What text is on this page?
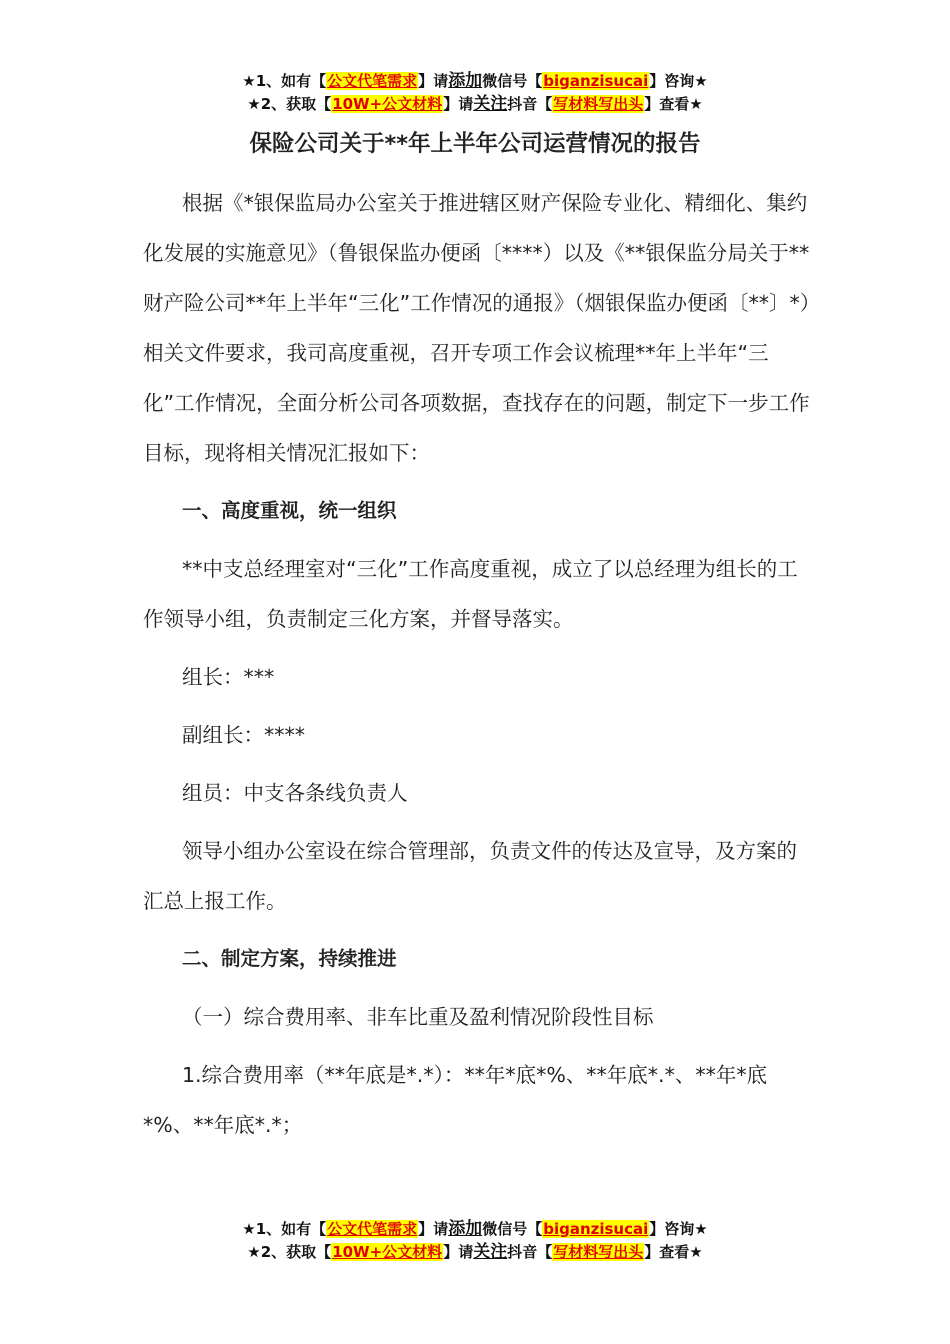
★1、如有【公文代笔需求】请添加微信号【biganzisucai】咨询★
★2、获取【10W+公文材料】请关注抖音【写材料写出头】查看★
保险公司关于**年上半年公司运营情况的报告

根据《*银保监局办公室关于推进辖区财产保险专业化、精细化、集约化发展的实施意见》（鲁银保监办便函〔****）以及《**银保监分局关于**财产险公司**年上半年“三化”工作情况的通报》（烟银保监办便函〔**〕*）相关文件要求，我司高度重视，召开专项工作会议梳理**年上半年“三化”工作情况，全面分析公司各项数据，查找存在的问题，制定下一步工作目标，现将相关情况汇报如下：

一、高度重视，统一组织

**中支总经理室对“三化”工作高度重视，成立了以总经理为组长的工作领导小组，负责制定三化方案，并督导落实。

组长：***

副组长：****

组员：中支各条线负责人

领导小组办公室设在综合管理部，负责文件的传达及宣导，及方案的汇总上报工作。

二、制定方案，持续推进

（一）综合费用率、非车比重及盈利情况阶段性目标

1.综合费用率（**年底是*.*）：**年*底*%、**年底*.*、**年*底*%、**年底*.*；

★1、如有【公文代笔需求】请添加微信号【biganzisucai】咨询★
★2、获取【10W+公文材料】请关注抖音【写材料写出头】查看★
